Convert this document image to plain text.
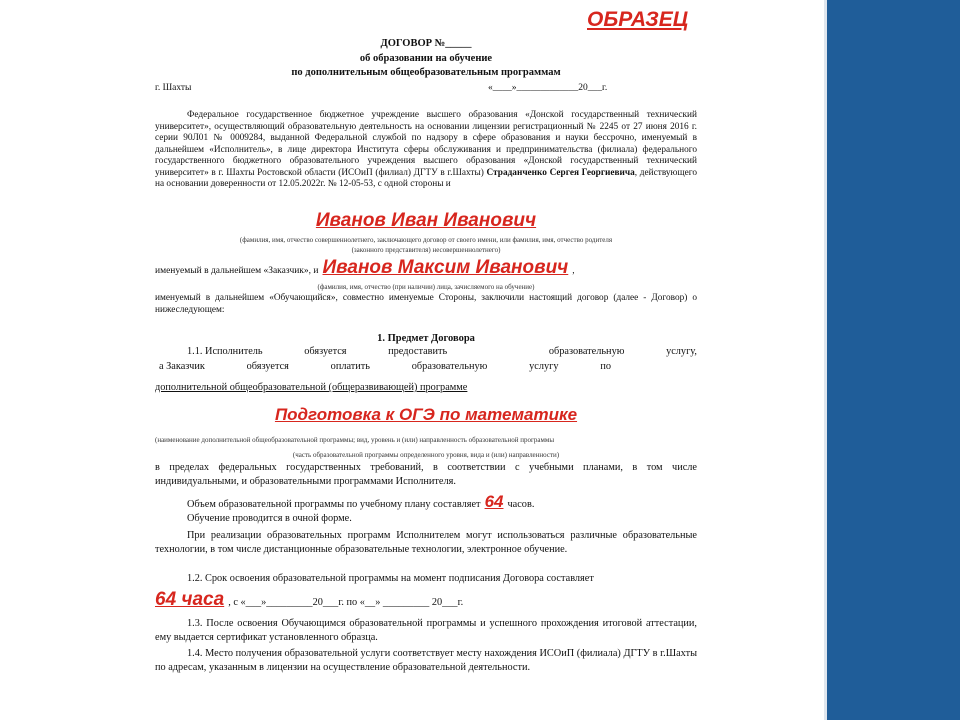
ОБРАЗЕЦ
ДОГОВОР №_____
об образовании на обучение
по дополнительным общеобразовательным программам
г. Шахты	«____»_____________20___г.
Федеральное государственное бюджетное учреждение высшего образования «Донской государственный технический университет», осуществляющий образовательную деятельность на основании лицензии регистрационный № 2245 от 27 июня 2016 г. серии 90Л01 № 0009284, выданной Федеральной службой по надзору в сфере образования и науки бессрочно, именуемый в дальнейшем «Исполнитель», в лице директора Института сферы обслуживания и предпринимательства (филиала) федерального государственного бюджетного образовательного учреждения высшего образования «Донской государственный технический университет» в г. Шахты Ростовской области (ИСОиП (филиал) ДГТУ в г.Шахты) Страданченко Сергея Георгиевича, действующего на основании доверенности от 12.05.2022г. № 12-05-53, с одной стороны и
Иванов Иван Иванович
(фамилия, имя, отчество совершеннолетнего, заключающего договор от своего имени, или фамилия, имя, отчество родителя
(законного представителя) несовершеннолетнего)
именуемый в дальнейшем «Заказчик», и Иванов Максим Иванович ,
(фамилия, имя, отчество (при наличии) лица, зачисляемого на обучение)
именуемый в дальнейшем «Обучающийся», совместно именуемые Стороны, заключили настоящий договор (далее - Договор) о нижеследующем:
1. Предмет Договора
1.1. Исполнитель	обязуется	предоставить	образовательную	услугу,
а Заказчик	обязуется	оплатить	образовательную	услугу	по
дополнительной общеобразовательной (общеразвивающей) программе
Подготовка к ОГЭ по математике
(наименование дополнительной общеобразовательной программы; вид, уровень и (или) направленность образовательной программы
(часть образовательной программы определенного уровня, вида и (или) направленности)
в пределах федеральных государственных требований, в соответствии с учебными планами, в том числе индивидуальными, и образовательными программами Исполнителя.
Объем образовательной программы по учебному плану составляет 64 часов.
Обучение проводится в очной форме.
При реализации образовательных программ Исполнителем могут использоваться различные образовательные технологии, в том числе дистанционные образовательные технологии, электронное обучение.
1.2. Срок освоения образовательной программы на момент подписания Договора составляет
64 часа , с «___»_________20___г. по «__» _________ 20___г.
1.3. После освоения Обучающимся образовательной программы и успешного прохождения итоговой аттестации, ему выдается сертификат установленного образца.
1.4. Место получения образовательной услуги соответствует месту нахождения ИСОиП (филиала) ДГТУ в г.Шахты по адресам, указанным в лицензии на осуществление образовательной деятельности.
